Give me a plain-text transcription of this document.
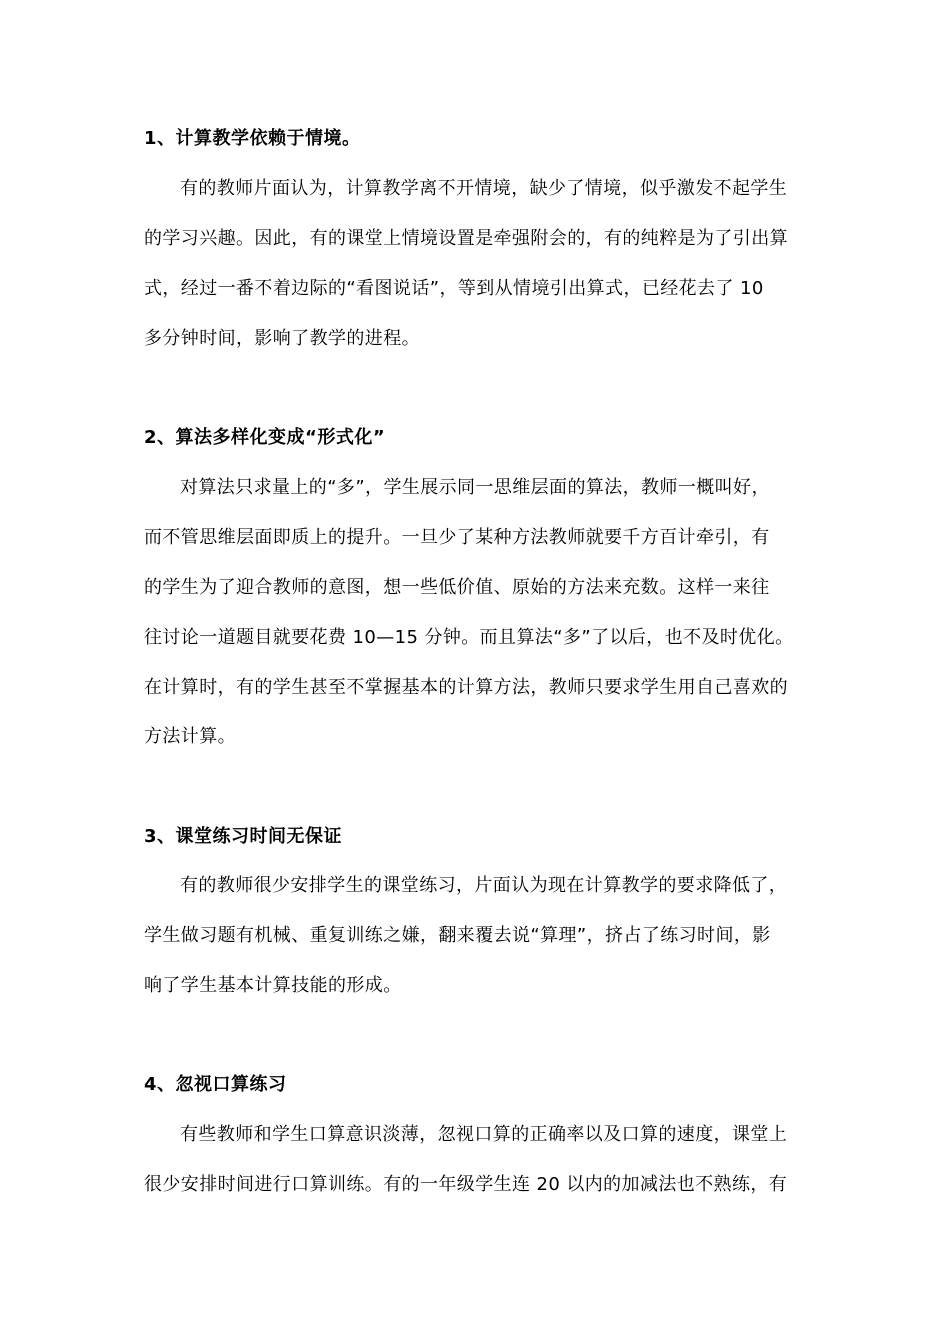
1、计算教学依赖于情境。
有的教师片面认为，计算教学离不开情境，缺少了情境，似乎激发不起学生
的学习兴趣。因此，有的课堂上情境设置是牵强附会的，有的纯粹是为了引出算
式，经过一番不着边际的“看图说话”，等到从情境引出算式，已经花去了 10
多分钟时间，影响了教学的进程。
2、算法多样化变成“形式化”
对算法只求量上的“多”，学生展示同一思维层面的算法，教师一概叫好，
而不管思维层面即质上的提升。一旦少了某种方法教师就要千方百计牵引，有
的学生为了迎合教师的意图，想一些低价值、原始的方法来充数。这样一来往
往讨论一道题目就要花费 10—15 分钟。而且算法“多”了以后，也不及时优化。
在计算时，有的学生甚至不掌握基本的计算方法，教师只要求学生用自己喜欢的
方法计算。
3、课堂练习时间无保证
有的教师很少安排学生的课堂练习，片面认为现在计算教学的要求降低了，
学生做习题有机械、重复训练之嫌，翻来覆去说“算理”，挤占了练习时间，影
响了学生基本计算技能的形成。
4、忽视口算练习
有些教师和学生口算意识淡薄，忽视口算的正确率以及口算的速度，课堂上
很少安排时间进行口算训练。有的一年级学生连 20 以内的加减法也不熟练，有
